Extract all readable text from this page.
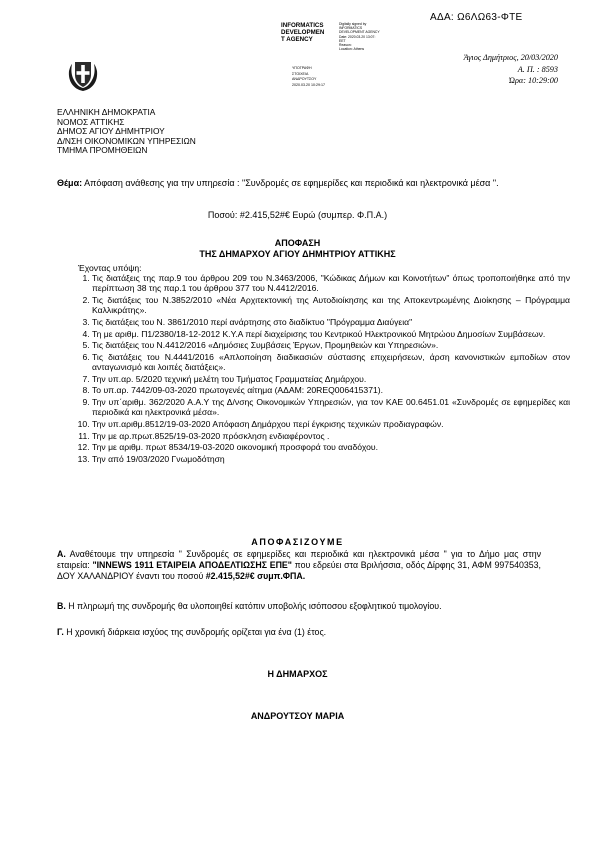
ΑΔΑ: Ω6ΛΩ63-ΦΤΕ
INFORMATICS
DEVELOPMEN
T AGENCY
Digitally signed by
INFORMATICS
DEVELOPMENT AGENCY
Date: 2020.03.20 13:07:
EET
Reason:
Location: Athens
ΥΠΟΓΡΑΦΗ
ΣΤΟΙΧΕΙΑ
ΑΝΔΡΟΥΤΣΟΥ
2020.03.20 10:29:17
Άγιος Δημήτριος, 20/03/2020
Α. Π. : 8593
Ώρα: 10:29:00
ΕΛΛΗΝΙΚΗ ΔΗΜΟΚΡΑΤΙΑ
ΝΟΜΟΣ ΑΤΤΙΚΗΣ
ΔΗΜΟΣ ΑΓΙΟΥ ΔΗΜΗΤΡΙΟΥ
Δ/ΝΣΗ ΟΙΚΟΝΟΜΙΚΩΝ ΥΠΗΡΕΣΙΩΝ
ΤΜΗΜΑ ΠΡΟΜΗΘΕΙΩΝ
Θέμα: Απόφαση ανάθεσης για την υπηρεσία : "Συνδρομές σε εφημερίδες και περιοδικά και ηλεκτρονικά μέσα ".
Ποσού: #2.415,52#€ Ευρώ (συμπερ. Φ.Π.Α.)
ΑΠΟΦΑΣΗ
ΤΗΣ ΔΗΜΑΡΧΟΥ ΑΓΙΟΥ ΔΗΜΗΤΡΙΟΥ ΑΤΤΙΚΗΣ
Έχοντας υπόψη:
1. Τις διατάξεις της παρ.9 του άρθρου 209 του Ν.3463/2006, "Κώδικας Δήμων και Κοινοτήτων" όπως τροποποιήθηκε από την περίπτωση 38 της παρ.1 του άρθρου 377 του Ν.4412/2016.
2. Τις διατάξεις του Ν.3852/2010 «Νέα Αρχιτεκτονική της Αυτοδιοίκησης και της Αποκεντρωμένης Διοίκησης – Πρόγραμμα Καλλικράτης».
3. Τις διατάξεις του Ν. 3861/2010 περί ανάρτησης στο διαδίκτυο "Πρόγραμμα Διαύγεια"
4. Τη με αριθμ. Π1/2380/18-12-2012 Κ.Υ.Α περί διαχείρισης του Κεντρικού Ηλεκτρονικού Μητρώου Δημοσίων Συμβάσεων.
5. Τις διατάξεις του Ν.4412/2016 «Δημόσιες Συμβάσεις Έργων, Προμηθειών και Υπηρεσιών».
6. Τις διατάξεις του Ν.4441/2016 «Απλοποίηση διαδικασιών σύστασης επιχειρήσεων, άρση κανονιστικών εμποδίων στον ανταγωνισμό και λοιπές διατάξεις».
7. Την υπ.αρ. 5/2020 τεχνική μελέτη του Τμήματος Γραμματείας Δημάρχου.
8. Το υπ.αρ. 7442/09-03-2020 πρωτογενές αίτημα (ΑΔΑΜ: 20REQ006415371).
9. Την υπ΄αριθμ. 362/2020 Α.Α.Υ της Δ/νσης Οικονομικών Υπηρεσιών, για τον ΚΑΕ 00.6451.01 «Συνδρομές σε εφημερίδες και περιοδικά και ηλεκτρονικά μέσα».
10. Την υπ.αριθμ.8512/19-03-2020 Απόφαση Δημάρχου περί έγκρισης τεχνικών προδιαγραφών.
11. Την με αρ.πρωτ.8525/19-03-2020 πρόσκληση ενδιαφέροντος .
12. Την με αριθμ. πρωτ 8534/19-03-2020 οικονομική προσφορά του αναδόχου.
13. Την από 19/03/2020 Γνωμοδότηση
ΑΠΟΦΑΣΙΖΟΥΜΕ
Α. Αναθέτουμε την υπηρεσία " Συνδρομές σε εφημερίδες και περιοδικά και ηλεκτρονικά μέσα " για το Δήμο μας στην εταιρεία: "INNEWS 1911 ΕΤΑΙΡΕΙΑ ΑΠΟΔΕΛΤΙΩΣΗΣ ΕΠΕ" που εδρεύει στα Βριλήσσια, οδός Δίρφης 31, ΑΦΜ 997540353, ΔΟΥ ΧΑΛΑΝΔΡΙΟΥ έναντι του ποσού #2.415,52#€ συμπ.ΦΠΑ.
Β. Η πληρωμή της συνδρομής θα υλοποιηθεί κατόπιν υποβολής ισόποσου εξοφλητικού τιμολογίου.
Γ. Η χρονική διάρκεια ισχύος της συνδρομής ορίζεται για ένα (1) έτος.
Η ΔΗΜΑΡΧΟΣ
ΑΝΔΡΟΥΤΣΟΥ ΜΑΡΙΑ
